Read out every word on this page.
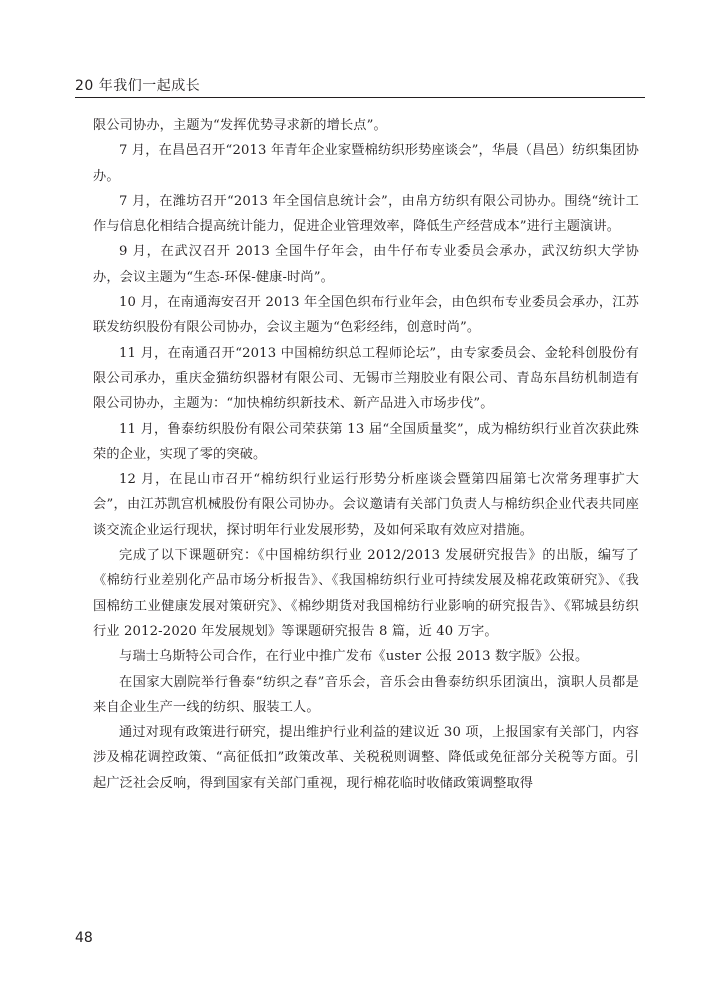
20 年我们一起成长

限公司协办，主题为“发挥优势寻求新的增长点”。

7 月，在昌邑召开“2013 年青年企业家暨棉纺织形势座谈会”，华晨（昌邑）纺织集团协办。

7 月，在潍坊召开“2013 年全国信息统计会”，由帛方纺织有限公司协办。围绕“统计工作与信息化相结合提高统计能力，促进企业管理效率，降低生产经营成本”进行主题演讲。

9 月，在武汉召开 2013 全国牛仔年会，由牛仔布专业委员会承办，武汉纺织大学协办，会议主题为“生态-环保-健康-时尚”。

10 月，在南通海安召开 2013 年全国色织布行业年会，由色织布专业委员会承办，江苏联发纺织股份有限公司协办，会议主题为“色彩经纬，创意时尚”。

11 月，在南通召开“2013 中国棉纺织总工程师论坛”，由专家委员会、金轮科创股份有限公司承办，重庆金猫纺织器材有限公司、无锡市兰翔胶业有限公司、青岛东昌纺机制造有限公司协办，主题为：“加快棉纺织新技术、新产品进入市场步伐”。

11 月，鲁泰纺织股份有限公司荣获第 13 届“全国质量奖”，成为棉纺织行业首次获此殊荣的企业，实现了零的突破。

12 月，在昆山市召开“棉纺织行业运行形势分析座谈会暨第四届第七次常务理事扩大会”，由江苏凯宫机械股份有限公司协办。会议邀请有关部门负责人与棉纺织企业代表共同座谈交流企业运行现状，探讨明年行业发展形势，及如何采取有效应对措施。

完成了以下课题研究：《中国棉纺织行业 2012/2013 发展研究报告》的出版，编写了《棉纺行业差别化产品市场分析报告》、《我国棉纺织行业可持续发展及棉花政策研究》、《我国棉纺工业健康发展对策研究》、《棉纱期货对我国棉纺行业影响的研究报告》、《郓城县纺织行业 2012-2020 年发展规划》等课题研究报告 8 篇，近 40 万字。

与瑞士乌斯特公司合作，在行业中推广发布《uster 公报 2013 数字版》公报。

在国家大剧院举行鲁泰“纺织之春”音乐会，音乐会由鲁泰纺织乐团演出，演职人员都是来自企业生产一线的纺织、服装工人。

通过对现有政策进行研究，提出维护行业利益的建议近 30 项，上报国家有关部门，内容涉及棉花调控政策、“高征低扣”政策改革、关税税则调整、降低或免征部分关税等方面。引起广泛社会反响，得到国家有关部门重视，现行棉花临时收储政策调整取得

48
